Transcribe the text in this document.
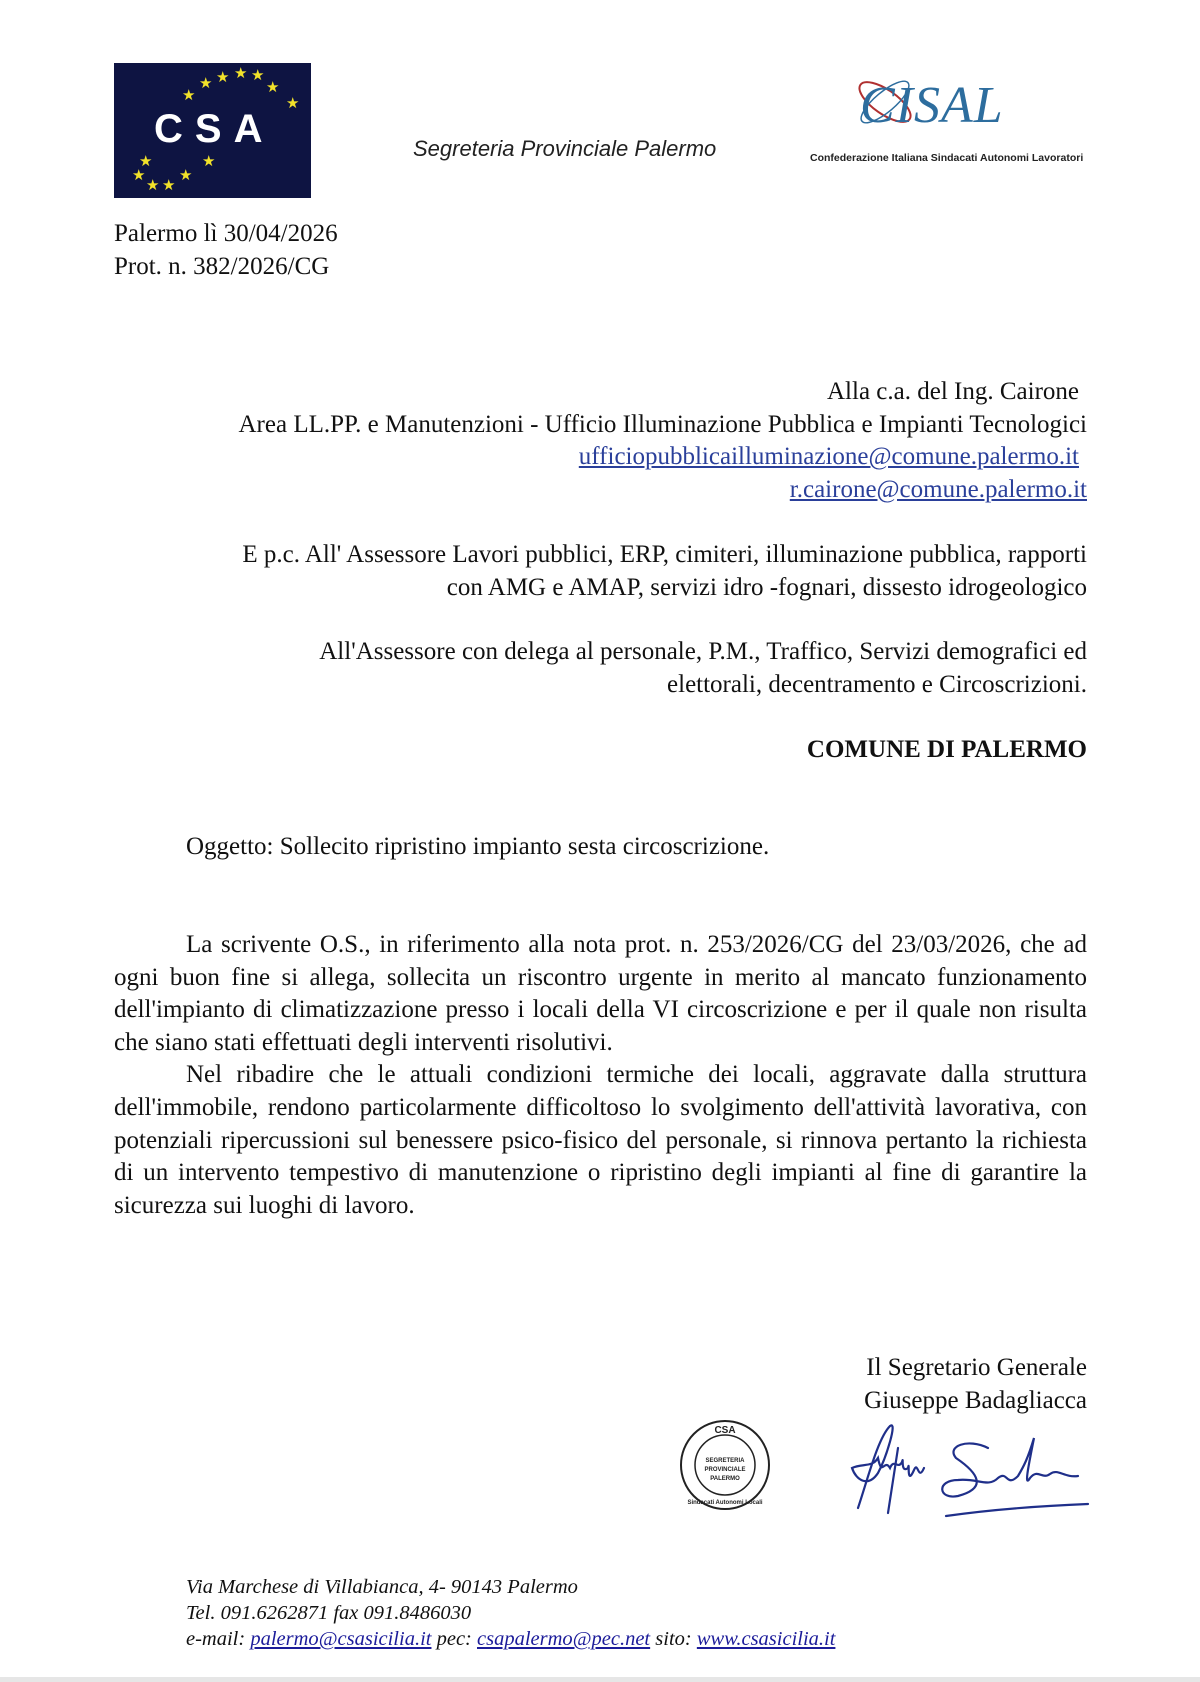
CSA
★ ★ ★
★	★
★	★
★	★
★ ★
★ ★
Segreteria Provinciale Palermo
CISAL
Confederazione Italiana Sindacati Autonomi Lavoratori
Palermo lì 30/04/2026
Prot. n. 382/2026/CG
Alla c.a. del Ing. Cairone
Area LL.PP. e Manutenzioni - Ufficio Illuminazione Pubblica e Impianti Tecnologici
ufficiopubblicailluminazione@comune.palermo.it
r.cairone@comune.palermo.it
E p.c. All' Assessore Lavori pubblici, ERP, cimiteri, illuminazione pubblica, rapporti
con AMG e AMAP, servizi idro -fognari, dissesto idrogeologico
All'Assessore con delega al personale, P.M., Traffico, Servizi demografici ed
elettorali, decentramento e Circoscrizioni.
COMUNE DI PALERMO
Oggetto: Sollecito ripristino impianto sesta circoscrizione.

La scrivente O.S., in riferimento alla nota prot. n. 253/2026/CG del 23/03/2026, che ad ogni buon fine si allega, sollecita un riscontro urgente in merito al mancato funzionamento dell'impianto di climatizzazione presso i locali della VI circoscrizione e per il quale non risulta che siano stati effettuati degli interventi risolutivi.

Nel ribadire che le attuali condizioni termiche dei locali, aggravate dalla struttura dell'immobile, rendono particolarmente difficoltoso lo svolgimento dell'attività lavorativa, con potenziali ripercussioni sul benessere psico-fisico del personale, si rinnova pertanto la richiesta di un intervento tempestivo di manutenzione o ripristino degli impianti al fine di garantire la sicurezza sui luoghi di lavoro.

Il Segretario Generale
Giuseppe Badagliacca
CSA
SEGRETERIA
PROVINCIALE
PALERMO
Sindacati Autonomi Locali
Via Marchese di Villabianca, 4- 90143 Palermo
Tel. 091.6262871 fax 091.8486030
e-mail: palermo@csasicilia.it pec: csapalermo@pec.net sito: www.csasicilia.it
